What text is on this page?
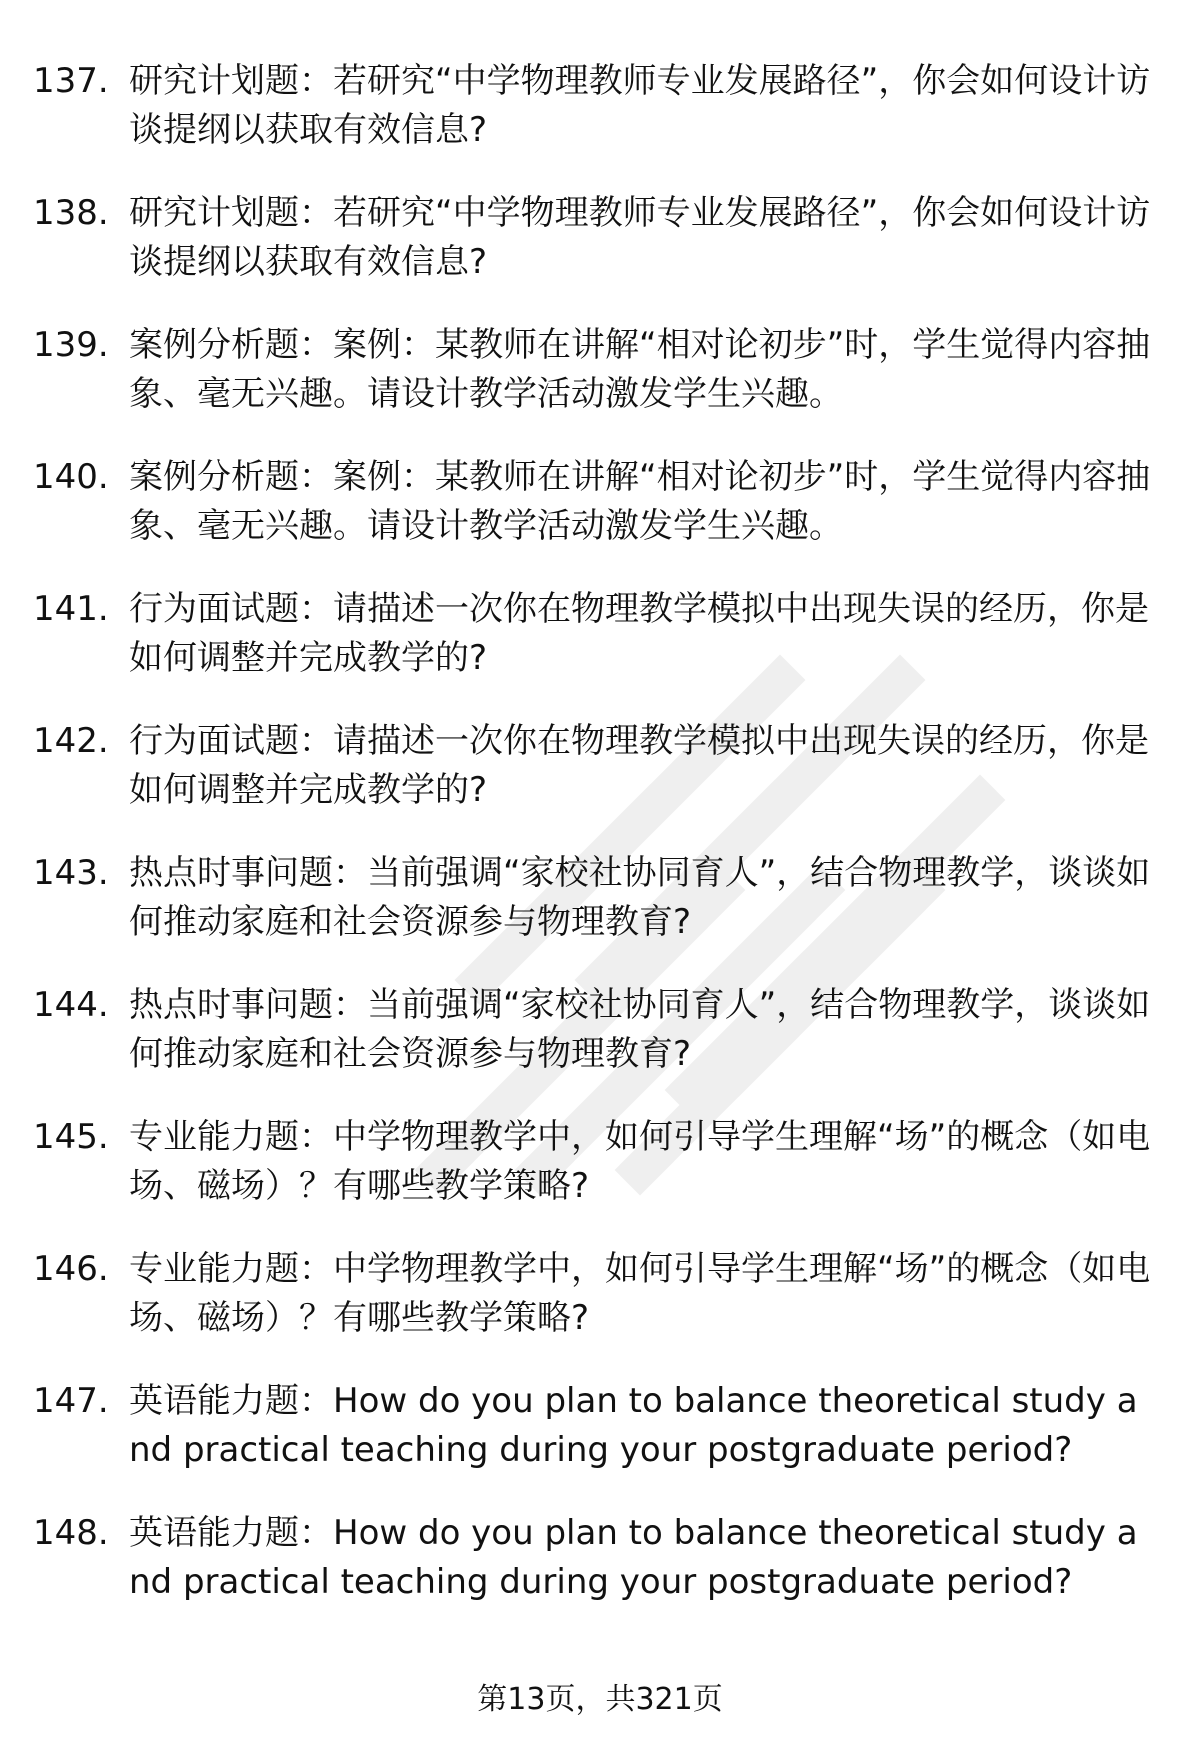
137. 研究计划题：若研究“中学物理教师专业发展路径”，你会如何设计访谈提纲以获取有效信息?
138. 研究计划题：若研究“中学物理教师专业发展路径”，你会如何设计访谈提纲以获取有效信息?
139. 案例分析题：案例：某教师在讲解“相对论初步”时，学生觉得内容抽象、毫无兴趣。请设计教学活动激发学生兴趣。
140. 案例分析题：案例：某教师在讲解“相对论初步”时，学生觉得内容抽象、毫无兴趣。请设计教学活动激发学生兴趣。
141. 行为面试题：请描述一次你在物理教学模拟中出现失误的经历，你是如何调整并完成教学的?
142. 行为面试题：请描述一次你在物理教学模拟中出现失误的经历，你是如何调整并完成教学的?
143. 热点时事问题：当前强调“家校社协同育人”，结合物理教学，谈谈如何推动家庭和社会资源参与物理教育?
144. 热点时事问题：当前强调“家校社协同育人”，结合物理教学，谈谈如何推动家庭和社会资源参与物理教育?
145. 专业能力题：中学物理教学中，如何引导学生理解“场”的概念（如电场、磁场）？有哪些教学策略?
146. 专业能力题：中学物理教学中，如何引导学生理解“场”的概念（如电场、磁场）？有哪些教学策略?
147. 英语能力题：How do you plan to balance theoretical study and practical teaching during your postgraduate period?
148. 英语能力题：How do you plan to balance theoretical study and practical teaching during your postgraduate period?
第13页，共321页
